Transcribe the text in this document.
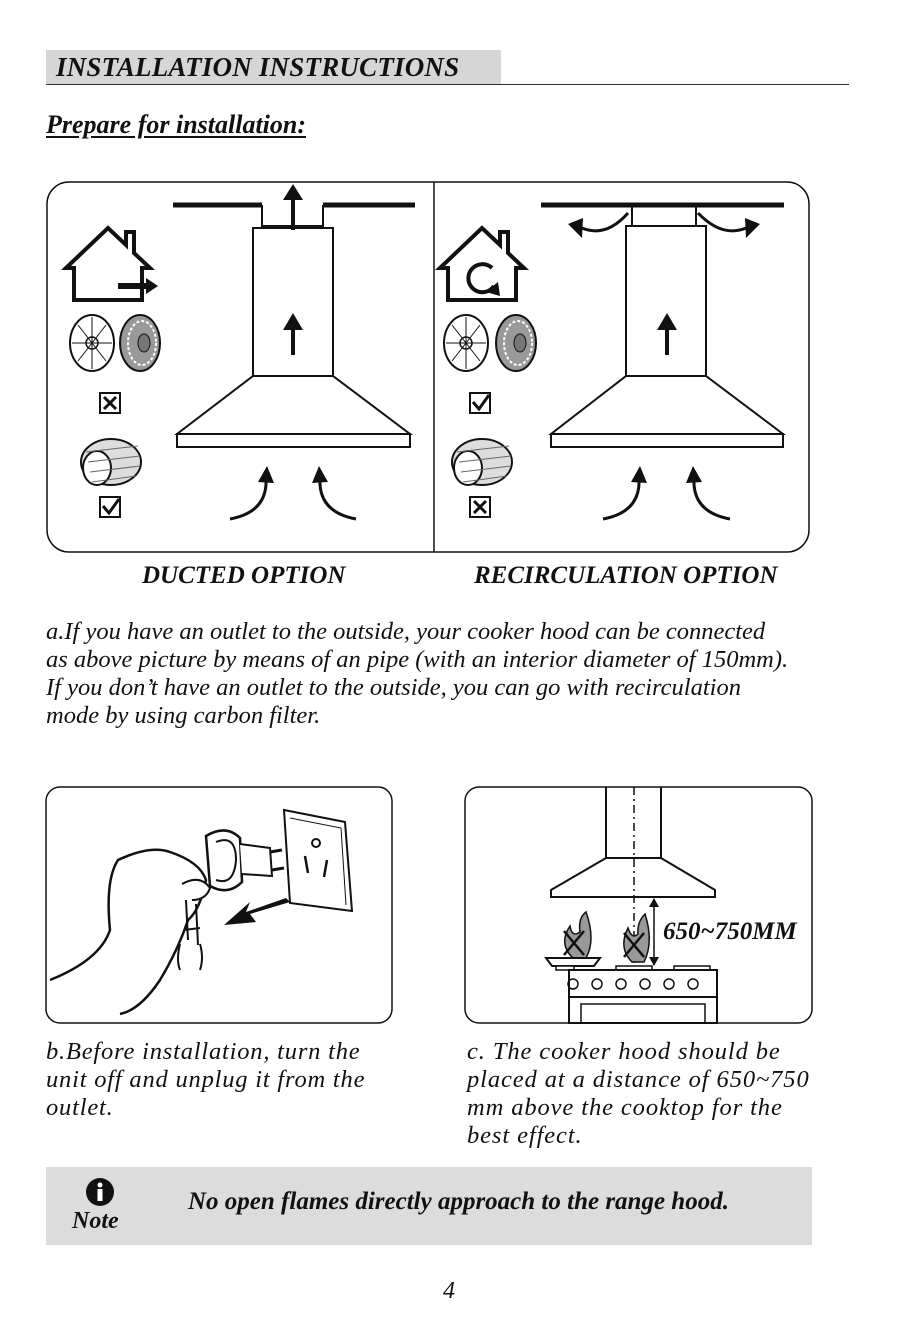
INSTALLATION INSTRUCTIONS
Prepare for installation:
DUCTED OPTION	RECIRCULATION OPTION
a.If you have an outlet to the outside, your cooker hood can be connected
as above picture by means of an pipe (with an interior diameter of 150mm).
If you don’t have an outlet to the outside, you can go with recirculation
mode by using carbon filter.
650~750MM
b.Before installation, turn the
unit off and unplug it from the
outlet.
c. The cooker hood should be
placed at a distance of 650~750
mm above the cooktop for the
best effect.
Note
No open flames directly approach to the range hood.
4
